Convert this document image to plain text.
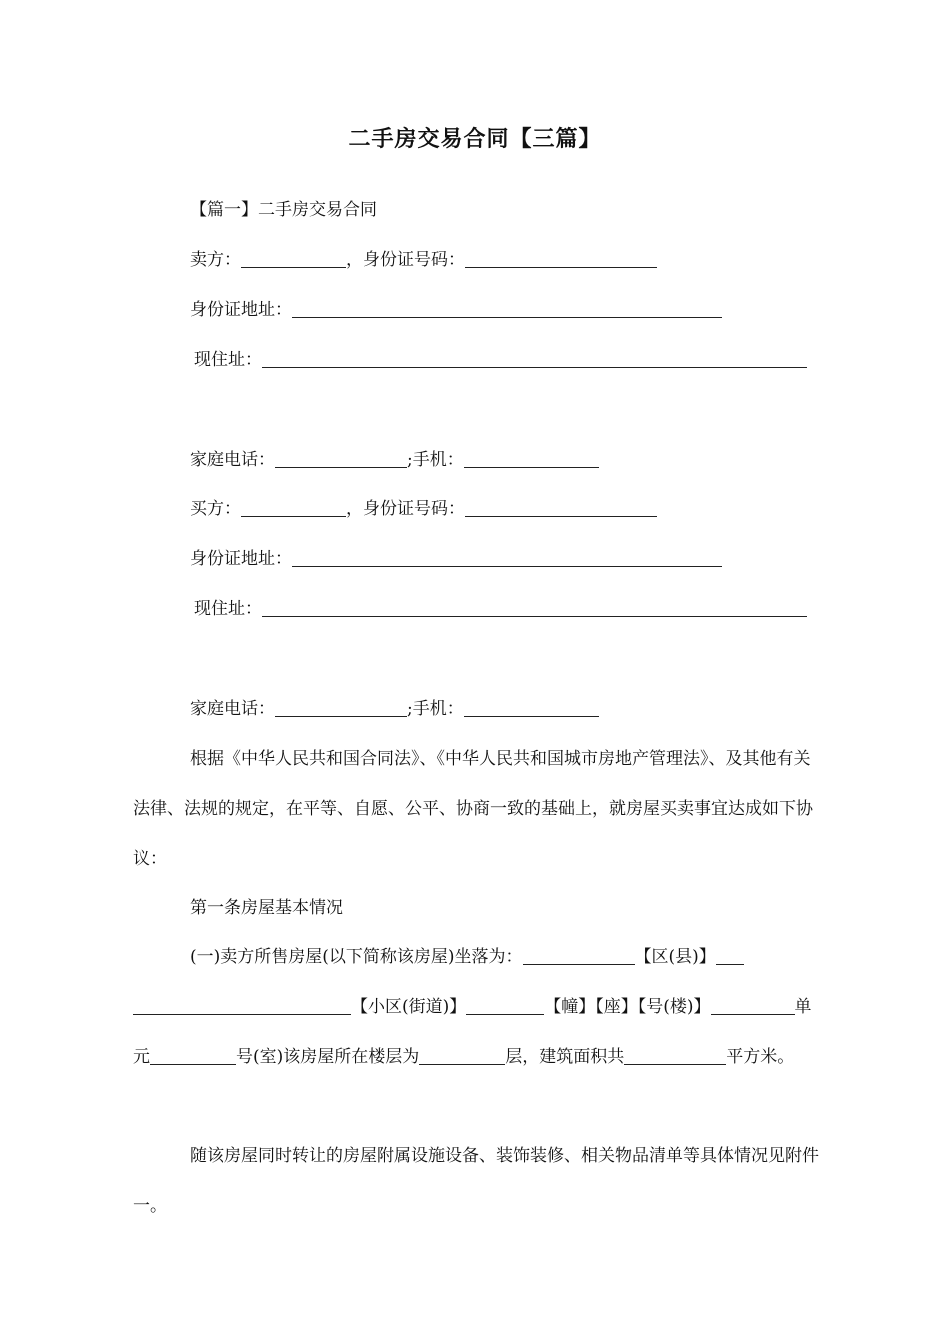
二手房交易合同【三篇】
【篇一】二手房交易合同
卖方：	，身份证号码：
身份证地址：
现住址：
家庭电话：	;手机：
买方：	，身份证号码：
身份证地址：
现住址：
家庭电话：	;手机：
根据《中华人民共和国合同法》、《中华人民共和国城市房地产管理法》、及其他有关法律、法规的规定，在平等、自愿、公平、协商一致的基础上，就房屋买卖事宜达成如下协议：
第一条房屋基本情况
(一)卖方所售房屋(以下简称该房屋)坐落为：	【区(县)】【小区(街道)】	【幢】【座】【号(楼)】	单元	号(室)该房屋所在楼层为	层，建筑面积共	平方米。
随该房屋同时转让的房屋附属设施设备、装饰装修、相关物品清单等具体情况见附件一。
